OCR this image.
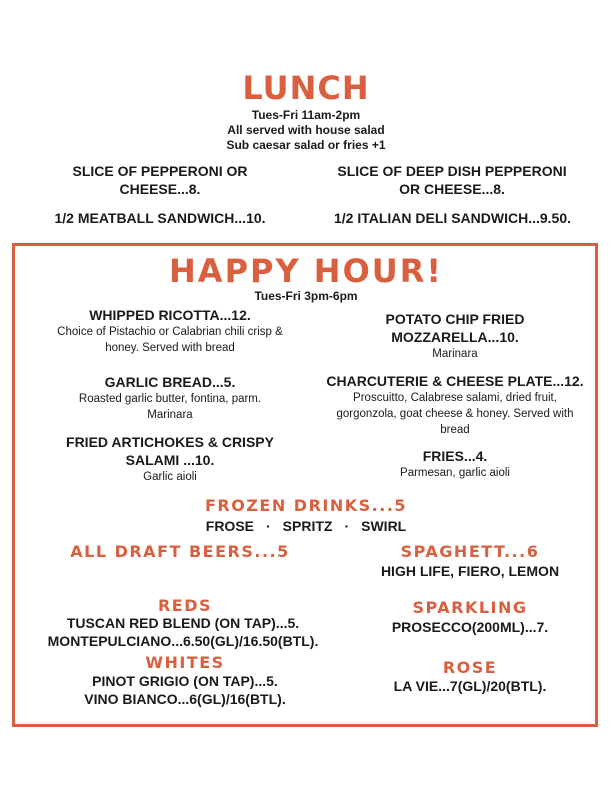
LUNCH
Tues-Fri 11am-2pm
All served with house salad
Sub caesar salad or fries +1
SLICE OF PEPPERONI OR
CHEESE...8.
SLICE OF DEEP DISH PEPPERONI
OR CHEESE...8.
1/2 MEATBALL SANDWICH...10.	1/2 ITALIAN DELI SANDWICH...9.50.
HAPPY HOUR!
Tues-Fri 3pm-6pm
WHIPPED RICOTTA...12.
Choice of Pistachio or Calabrian chili crisp &
honey. Served with bread
GARLIC BREAD...5.
Roasted garlic butter, fontina, parm.
Marinara
FRIED ARTICHOKES & CRISPY
SALAMI ...10.
Garlic aioli
POTATO CHIP FRIED
MOZZARELLA...10.
Marinara
CHARCUTERIE & CHEESE PLATE...12.
Proscuitto, Calabrese salami, dried fruit,
gorgonzola, goat cheese & honey. Served with
bread
FRIES...4.
Parmesan, garlic aioli
FROZEN DRINKS...5
FROSE · SPRITZ · SWIRL
ALL DRAFT BEERS...5	SPAGHETT...6
HIGH LIFE, FIERO, LEMON
REDS
TUSCAN RED BLEND (ON TAP)...5.
MONTEPULCIANO...6.50(GL)/16.50(BTL).
SPARKLING
PROSECCO(200ML)...7.
WHITES
PINOT GRIGIO (ON TAP)...5.
VINO BIANCO...6(GL)/16(BTL).
ROSE
LA VIE...7(GL)/20(BTL).
